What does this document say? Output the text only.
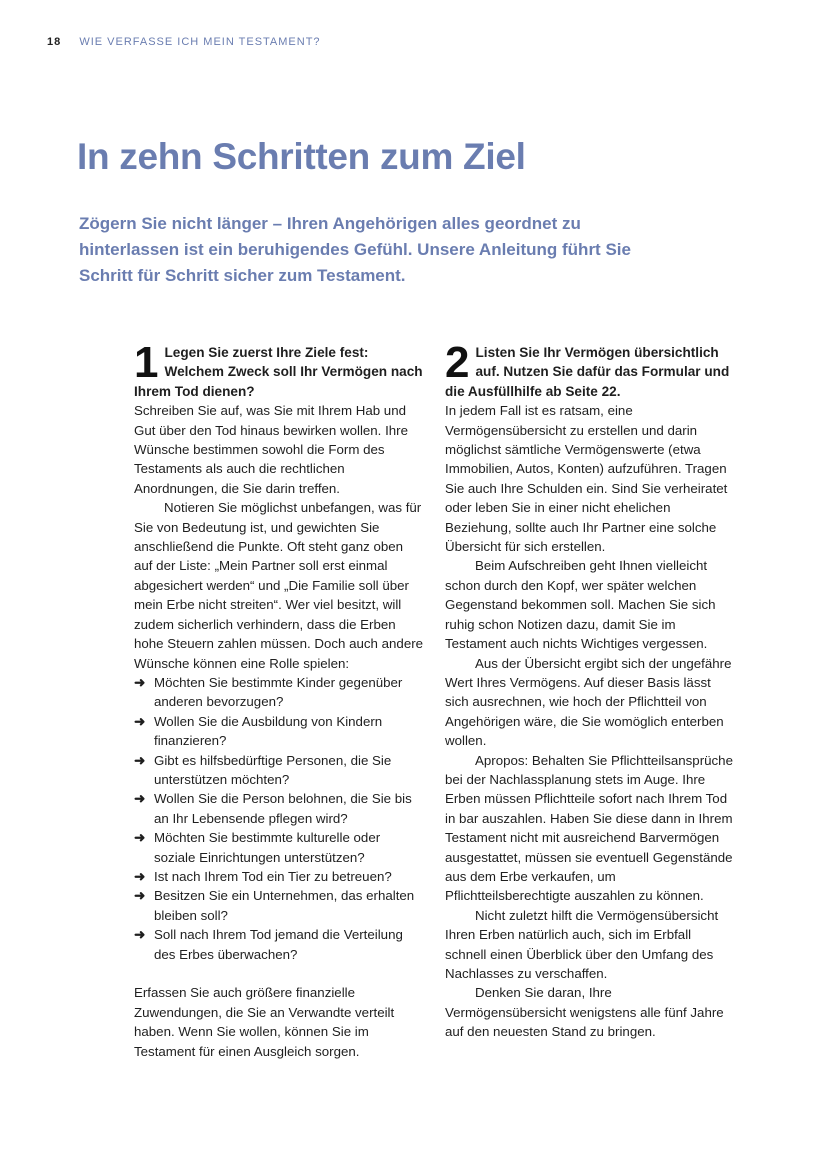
18 WIE VERFASSE ICH MEIN TESTAMENT?
In zehn Schritten zum Ziel

Zögern Sie nicht länger – Ihren Angehörigen alles geordnet zu hinterlassen ist ein beruhigendes Gefühl. Unsere Anleitung führt Sie Schritt für Schritt sicher zum Testament.

1 Legen Sie zuerst Ihre Ziele fest: Welchem Zweck soll Ihr Vermögen nach Ihrem Tod dienen?

Schreiben Sie auf, was Sie mit Ihrem Hab und Gut über den Tod hinaus bewirken wollen. Ihre Wünsche bestimmen sowohl die Form des Testaments als auch die rechtlichen Anordnungen, die Sie darin treffen.

Notieren Sie möglichst unbefangen, was für Sie von Bedeutung ist, und gewichten Sie anschließend die Punkte. Oft steht ganz oben auf der Liste: „Mein Partner soll erst einmal abgesichert werden“ und „Die Familie soll über mein Erbe nicht streiten“. Wer viel besitzt, will zudem sicherlich verhindern, dass die Erben hohe Steuern zahlen müssen. Doch auch andere Wünsche können eine Rolle spielen:

➜ Möchten Sie bestimmte Kinder gegenüber anderen bevorzugen?
➜ Wollen Sie die Ausbildung von Kindern finanzieren?
➜ Gibt es hilfsbedürftige Personen, die Sie unterstützen möchten?
➜ Wollen Sie die Person belohnen, die Sie bis an Ihr Lebensende pflegen wird?
➜ Möchten Sie bestimmte kulturelle oder soziale Einrichtungen unterstützen?
➜ Ist nach Ihrem Tod ein Tier zu betreuen?
➜ Besitzen Sie ein Unternehmen, das erhalten bleiben soll?
➜ Soll nach Ihrem Tod jemand die Verteilung des Erbes überwachen?

Erfassen Sie auch größere finanzielle Zuwendungen, die Sie an Verwandte verteilt haben. Wenn Sie wollen, können Sie im Testament für einen Ausgleich sorgen.

2 Listen Sie Ihr Vermögen übersichtlich auf. Nutzen Sie dafür das Formular und die Ausfüllhilfe ab Seite 22.

In jedem Fall ist es ratsam, eine Vermögensübersicht zu erstellen und darin möglichst sämtliche Vermögenswerte (etwa Immobilien, Autos, Konten) aufzuführen. Tragen Sie auch Ihre Schulden ein. Sind Sie verheiratet oder leben Sie in einer nicht ehelichen Beziehung, sollte auch Ihr Partner eine solche Übersicht für sich erstellen.

Beim Aufschreiben geht Ihnen vielleicht schon durch den Kopf, wer später welchen Gegenstand bekommen soll. Machen Sie sich ruhig schon Notizen dazu, damit Sie im Testament auch nichts Wichtiges vergessen.

Aus der Übersicht ergibt sich der ungefähre Wert Ihres Vermögens. Auf dieser Basis lässt sich ausrechnen, wie hoch der Pflichtteil von Angehörigen wäre, die Sie womöglich enterben wollen.

Apropos: Behalten Sie Pflichtteilsansprüche bei der Nachlassplanung stets im Auge. Ihre Erben müssen Pflichtteile sofort nach Ihrem Tod in bar auszahlen. Haben Sie diese dann in Ihrem Testament nicht mit ausreichend Barvermögen ausgestattet, müssen sie eventuell Gegenstände aus dem Erbe verkaufen, um Pflichtteilsberechtigte auszahlen zu können.

Nicht zuletzt hilft die Vermögensübersicht Ihren Erben natürlich auch, sich im Erbfall schnell einen Überblick über den Umfang des Nachlasses zu verschaffen.

Denken Sie daran, Ihre Vermögensübersicht wenigstens alle fünf Jahre auf den neuesten Stand zu bringen.
